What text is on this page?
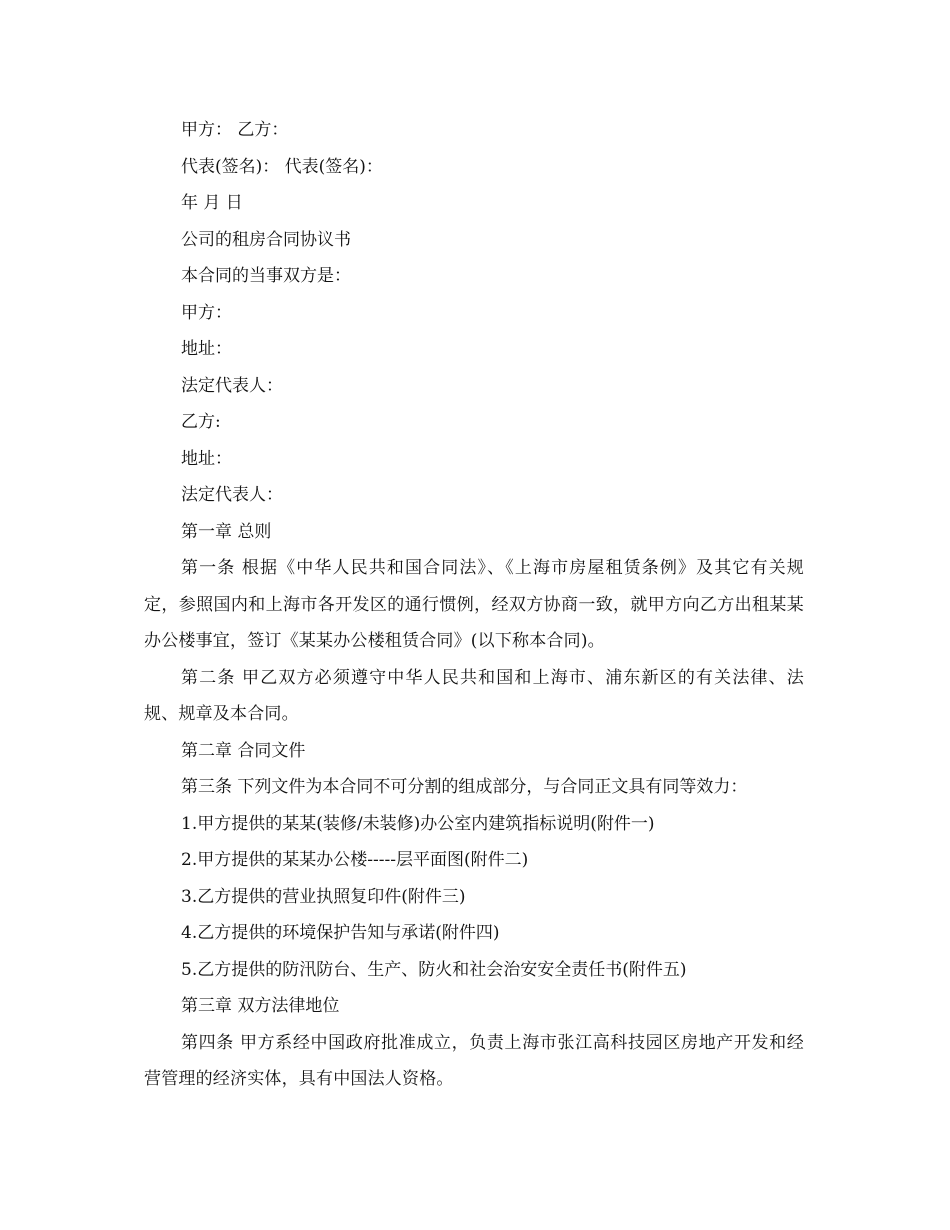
甲方： 乙方：
代表(签名)： 代表(签名)：
年 月 日
公司的租房合同协议书
本合同的当事双方是：
甲方：
地址：
法定代表人：
乙方:
地址：
法定代表人：
第一章 总则
第一条 根据《中华人民共和国合同法》、《上海市房屋租赁条例》及其它有关规定，参照国内和上海市各开发区的通行惯例，经双方协商一致，就甲方向乙方出租某某办公楼事宜，签订《某某办公楼租赁合同》(以下称本合同)。
第二条 甲乙双方必须遵守中华人民共和国和上海市、浦东新区的有关法律、法规、规章及本合同。
第二章 合同文件
第三条 下列文件为本合同不可分割的组成部分，与合同正文具有同等效力：
1.甲方提供的某某(装修/未装修)办公室内建筑指标说明(附件一)
2.甲方提供的某某办公楼-----层平面图(附件二)
3.乙方提供的营业执照复印件(附件三)
4.乙方提供的环境保护告知与承诺(附件四)
5.乙方提供的防汛防台、生产、防火和社会治安安全责任书(附件五)
第三章 双方法律地位
第四条 甲方系经中国政府批准成立，负责上海市张江高科技园区房地产开发和经营管理的经济实体，具有中国法人资格。
